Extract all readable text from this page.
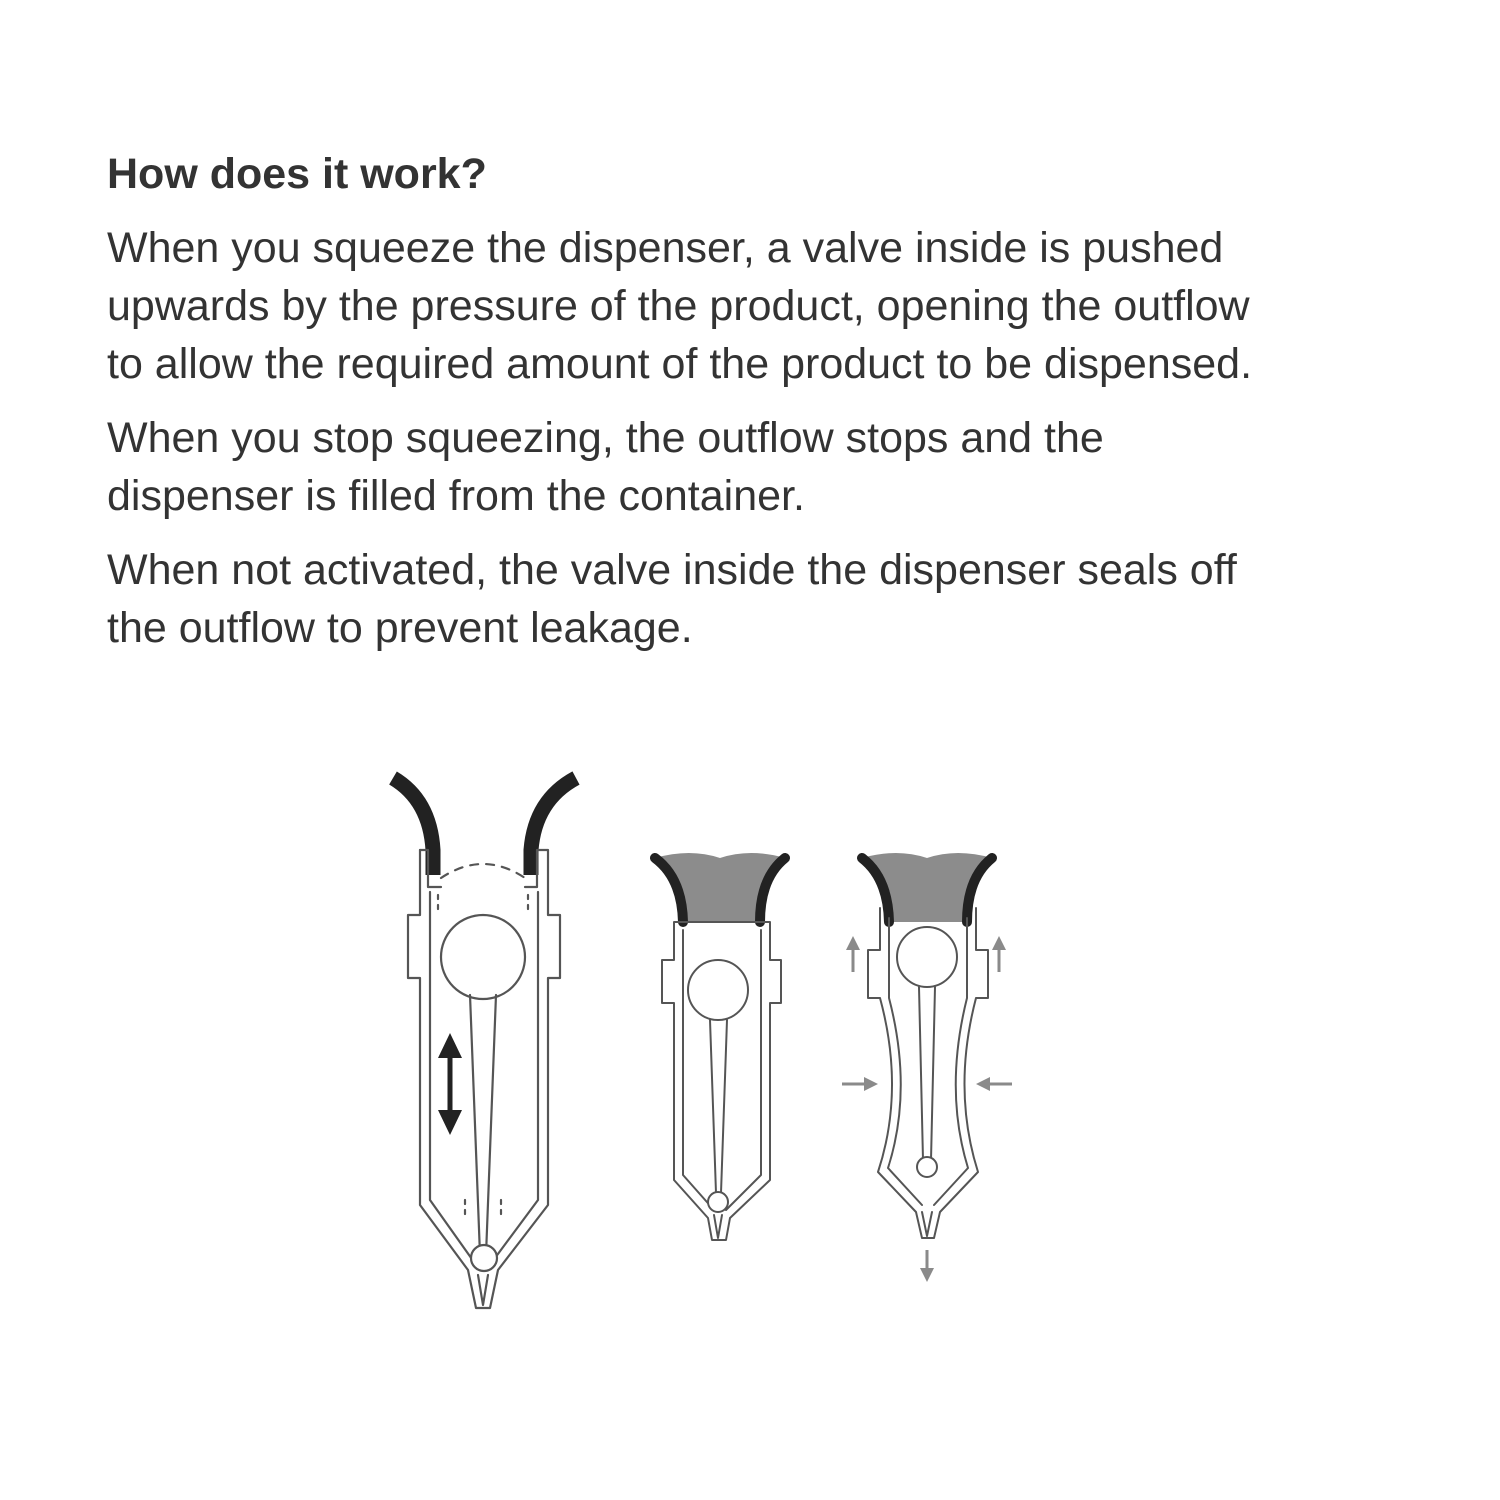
How does it work?
When you squeeze the dispenser, a valve inside is pushed
upwards by the pressure of the product, opening the outflow
to allow the required amount of the product to be dispensed.
When you stop squeezing, the outflow stops and the
dispenser is filled from the container.
When not activated, the valve inside the dispenser seals off
the outflow to prevent leakage.
